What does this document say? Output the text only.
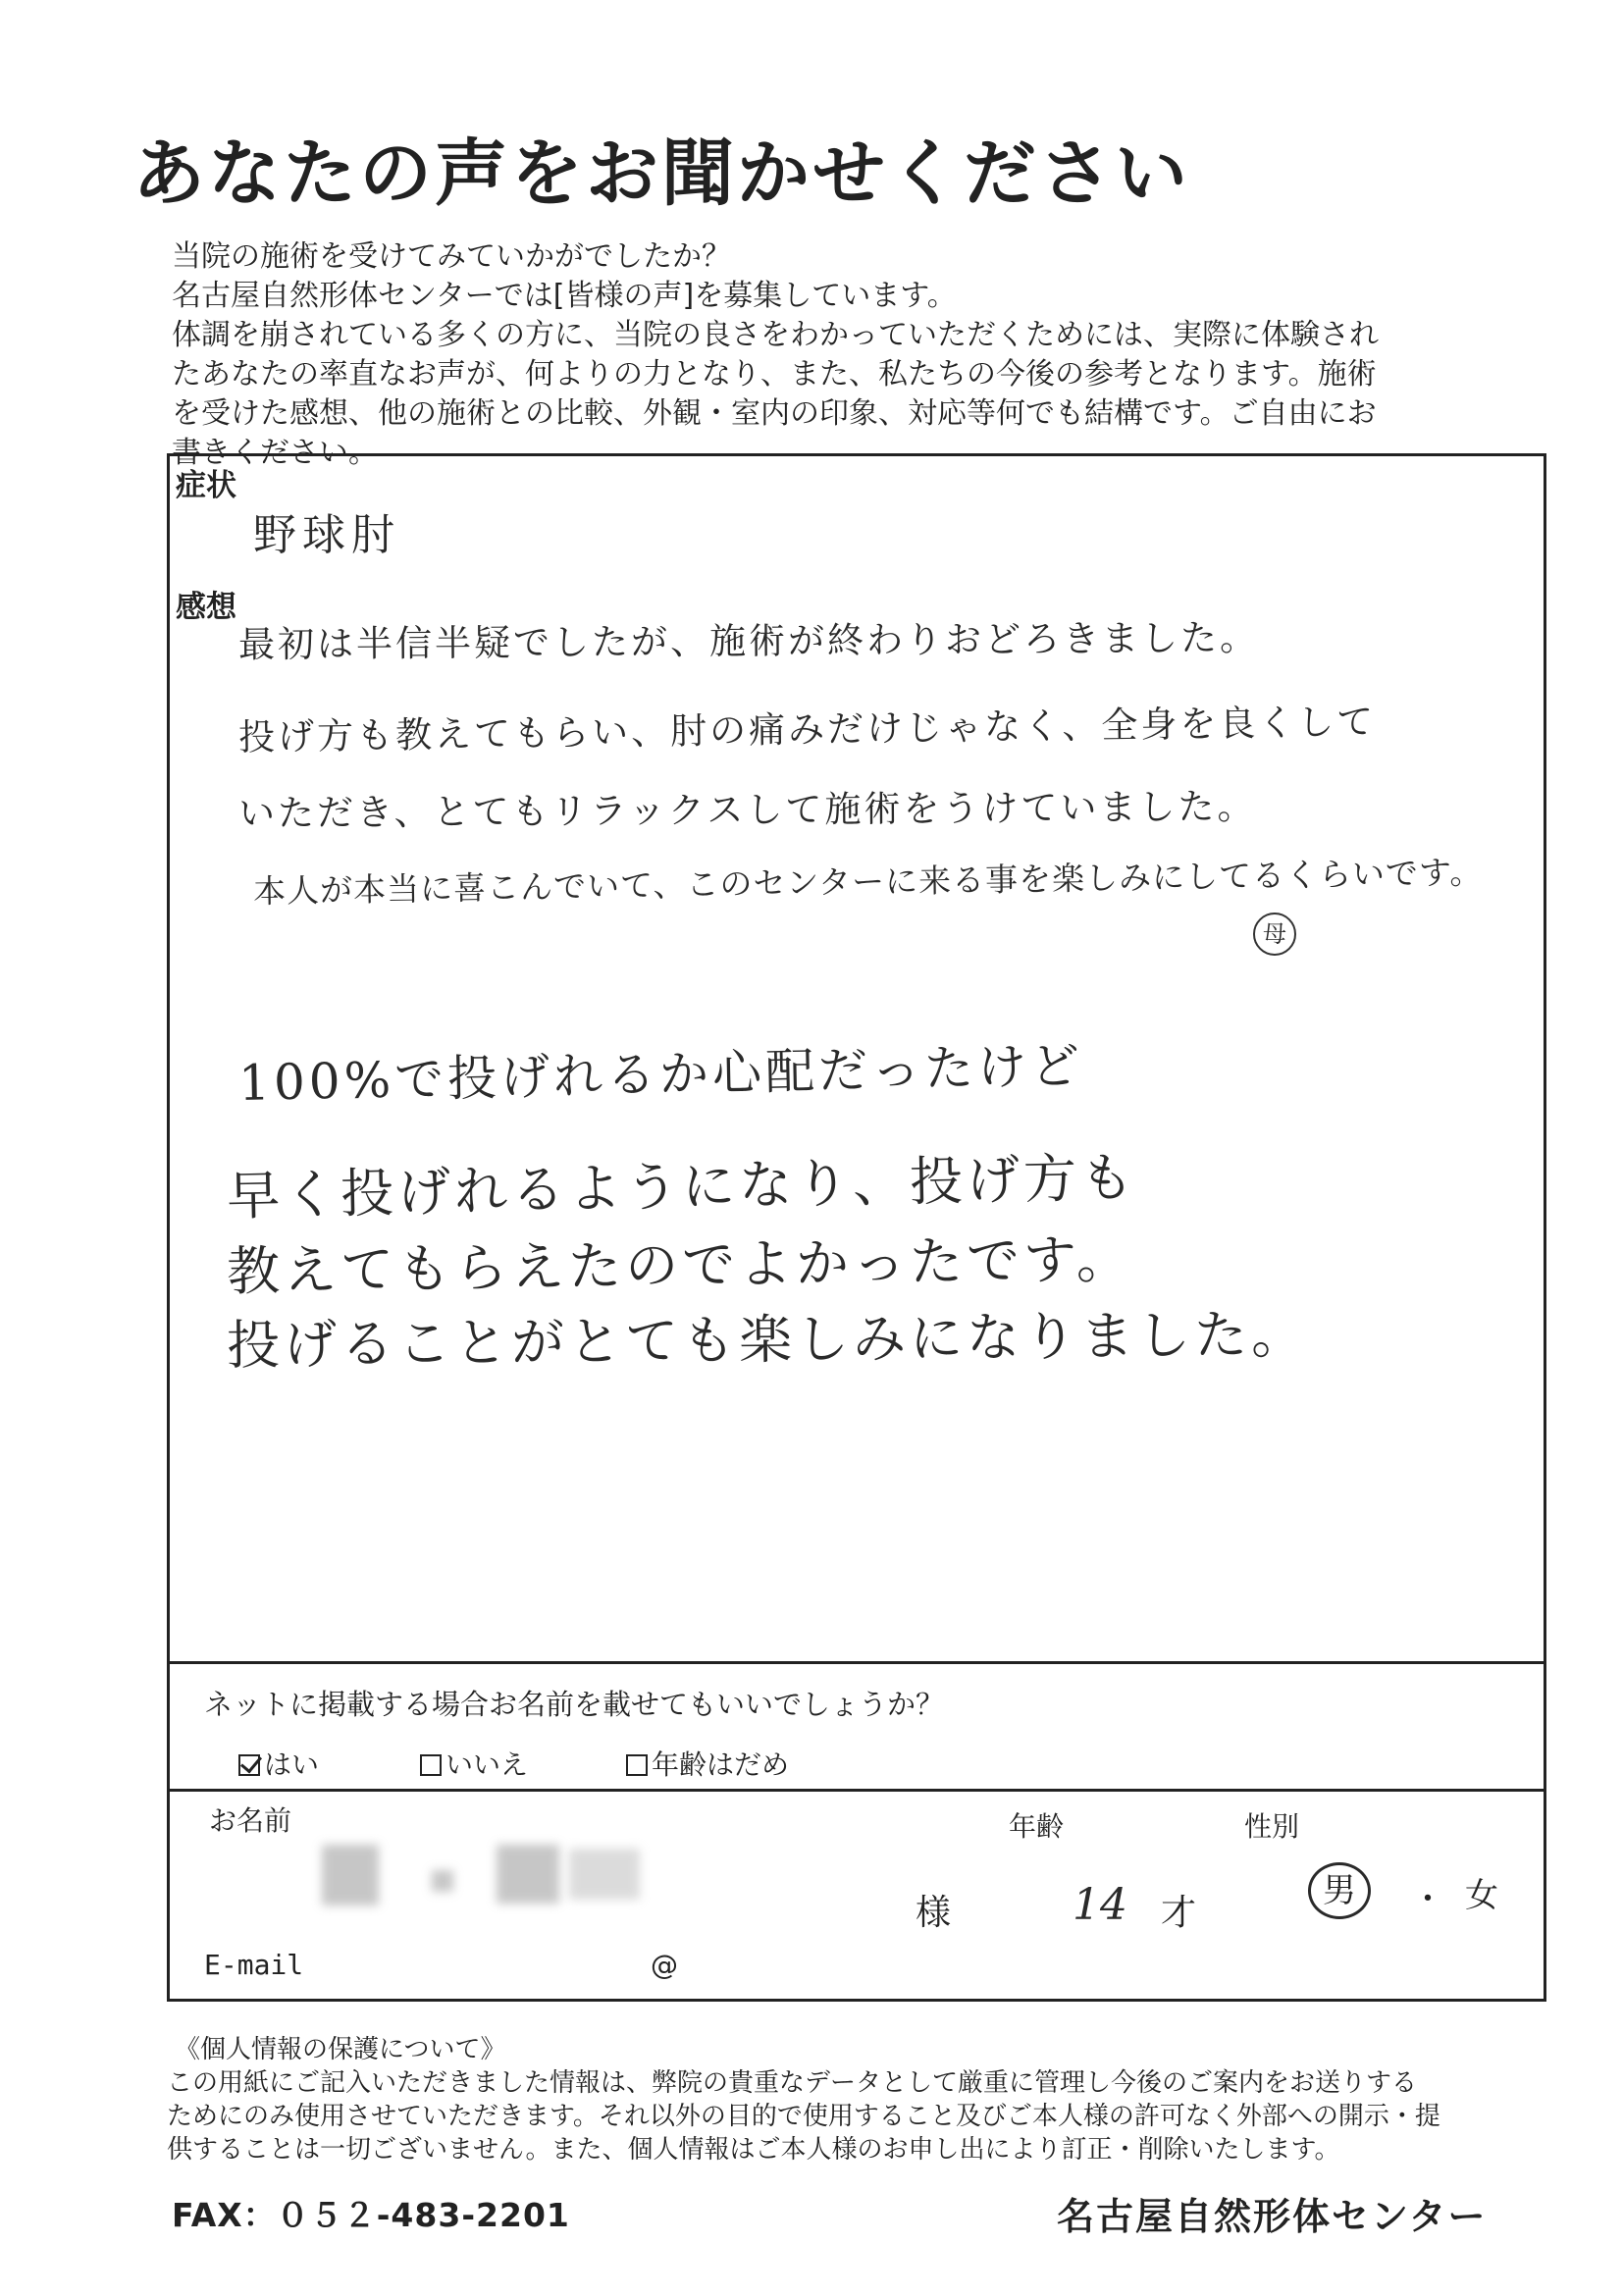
あなたの声をお聞かせください

当院の施術を受けてみていかがでしたか？

名古屋自然形体センターでは[皆様の声]を募集しています。

体調を崩されている多くの方に、当院の良さをわかっていただくためには、実際に体験され

たあなたの率直なお声が、何よりの力となり、また、私たちの今後の参考となります。施術

を受けた感想、他の施術との比較、外観・室内の印象、対応等何でも結構です。ご自由にお

書きください。

症状
野球肘
感想
最初は半信半疑でしたが、施術が終わりおどろきました。
投げ方も教えてもらい、肘の痛みだけじゃなく、全身を良くして
いただき、とてもリラックスして施術をうけていました。
本人が本当に喜こんでいて、このセンターに来る事を楽しみにしてるくらいです。
母
100%で投げれるか心配だったけど
早く投げれるようになり、投げ方も
教えてもらえたのでよかったです。
投げることがとても楽しみになりました。
ネットに掲載する場合お名前を載せてもいいでしょうか？
はい	いいえ	年齢はだめ
お名前	年齢	性別
様	14 才
男	・ 女
E-mail	@

《個人情報の保護について》

この用紙にご記入いただきました情報は、弊院の貴重なデータとして厳重に管理し今後のご案内をお送りする

ためにのみ使用させていただきます。それ以外の目的で使用すること及びご本人様の許可なく外部への開示・提

供することは一切ございません。また、個人情報はご本人様のお申し出により訂正・削除いたします。

FAX：０５２-483-2201	名古屋自然形体センター
